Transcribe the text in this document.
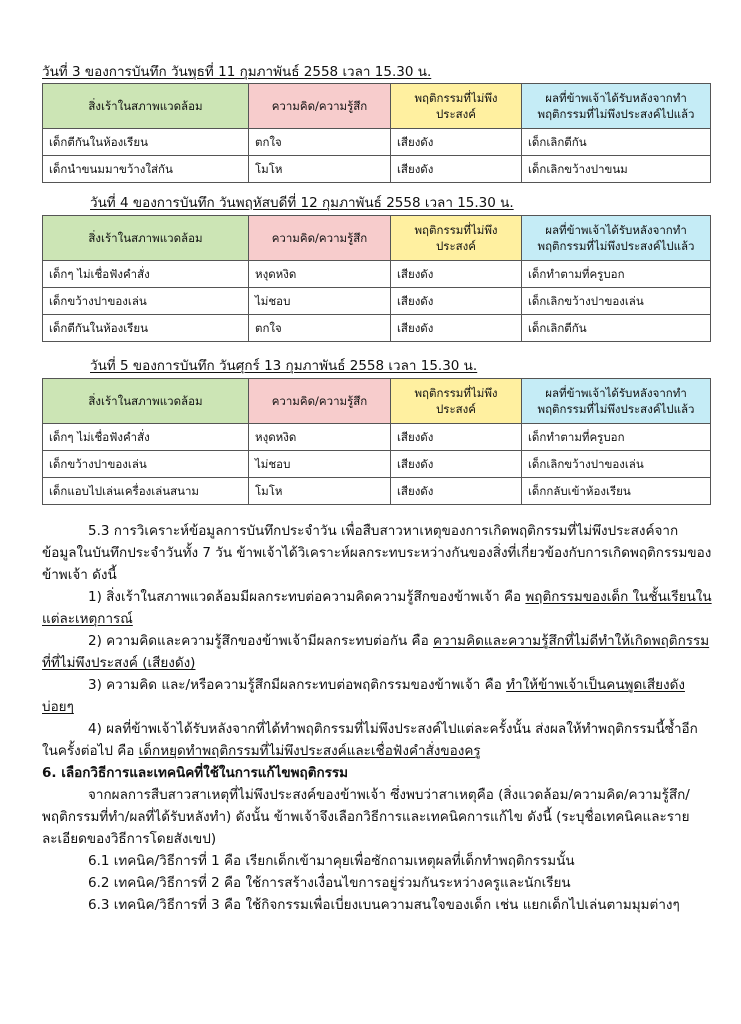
วันที่ 3 ของการบันทึก วันพุธที่ 11 กุมภาพันธ์ 2558 เวลา 15.30 น.
สิ่งเร้าในสภาพแวดล้อม	ความคิด/ความรู้สึก	พฤติกรรมที่ไม่พึงประสงค์	ผลที่ข้าพเจ้าได้รับหลังจากทำพฤติกรรมที่ไม่พึงประสงค์ไปแล้ว
เด็กตีกันในห้องเรียน	ตกใจ	เสียงดัง	เด็กเลิกตีกัน
เด็กนำขนมมาขว้างใส่กัน	โมโห	เสียงดัง	เด็กเลิกขว้างปาขนม
วันที่ 4 ของการบันทึก วันพฤหัสบดีที่ 12 กุมภาพันธ์ 2558 เวลา 15.30 น.
สิ่งเร้าในสภาพแวดล้อม	ความคิด/ความรู้สึก	พฤติกรรมที่ไม่พึงประสงค์	ผลที่ข้าพเจ้าได้รับหลังจากทำพฤติกรรมที่ไม่พึงประสงค์ไปแล้ว
เด็กๆ ไม่เชื่อฟังคำสั่ง	หงุดหงิด	เสียงดัง	เด็กทำตามที่ครูบอก
เด็กขว้างปาของเล่น	ไม่ชอบ	เสียงดัง	เด็กเลิกขว้างปาของเล่น
เด็กตีกันในห้องเรียน	ตกใจ	เสียงดัง	เด็กเลิกตีกัน
วันที่ 5 ของการบันทึก วันศุกร์ 13 กุมภาพันธ์ 2558 เวลา 15.30 น.
สิ่งเร้าในสภาพแวดล้อม	ความคิด/ความรู้สึก	พฤติกรรมที่ไม่พึงประสงค์	ผลที่ข้าพเจ้าได้รับหลังจากทำพฤติกรรมที่ไม่พึงประสงค์ไปแล้ว
เด็กๆ ไม่เชื่อฟังคำสั่ง	หงุดหงิด	เสียงดัง	เด็กทำตามที่ครูบอก
เด็กขว้างปาของเล่น	ไม่ชอบ	เสียงดัง	เด็กเลิกขว้างปาของเล่น
เด็กแอบไปเล่นเครื่องเล่นสนาม	โมโห	เสียงดัง	เด็กกลับเข้าห้องเรียน

5.3 การวิเคราะห์ข้อมูลการบันทึกประจำวัน เพื่อสืบสาวหาเหตุของการเกิดพฤติกรรมที่ไม่พึงประสงค์จากข้อมูลในบันทึกประจำวันทั้ง 7 วัน ข้าพเจ้าได้วิเคราะห์ผลกระทบระหว่างกันของสิ่งที่เกี่ยวข้องกับการเกิดพฤติกรรมของข้าพเจ้า ดังนี้

1) สิ่งเร้าในสภาพแวดล้อมมีผลกระทบต่อความคิดความรู้สึกของข้าพเจ้า คือ พฤติกรรมของเด็ก ในชั้นเรียนในแต่ละเหตุการณ์

2) ความคิดและความรู้สึกของข้าพเจ้ามีผลกระทบต่อกัน คือ ความคิดและความรู้สึกที่ไม่ดีทำให้เกิดพฤติกรรมที่ที่ไม่พึงประสงค์ (เสียงดัง)

3) ความคิด และ/หรือความรู้สึกมีผลกระทบต่อพฤติกรรมของข้าพเจ้า คือ ทำให้ข้าพเจ้าเป็นคนพูดเสียงดังบ่อยๆ

4) ผลที่ข้าพเจ้าได้รับหลังจากที่ได้ทำพฤติกรรมที่ไม่พึงประสงค์ไปแต่ละครั้งนั้น ส่งผลให้ทำพฤติกรรมนี้ซ้ำอีกในครั้งต่อไป คือ เด็กหยุดทำพฤติกรรมที่ไม่พึงประสงค์และเชื่อฟังคำสั่งของครู

6. เลือกวิธีการและเทคนิคที่ใช้ในการแก้ไขพฤติกรรม

จากผลการสืบสาวสาเหตุที่ไม่พึงประสงค์ของข้าพเจ้า ซึ่งพบว่าสาเหตุคือ (สิ่งแวดล้อม/ความคิด/ความรู้สึก/พฤติกรรมที่ทำ/ผลที่ได้รับหลังทำ) ดังนั้น ข้าพเจ้าจึงเลือกวิธีการและเทคนิคการแก้ไข ดังนี้ (ระบุชื่อเทคนิคและรายละเอียดของวิธีการโดยสังเขป)

6.1 เทคนิค/วิธีการที่ 1 คือ เรียกเด็กเข้ามาคุยเพื่อซักถามเหตุผลที่เด็กทำพฤติกรรมนั้น

6.2 เทคนิค/วิธีการที่ 2 คือ ใช้การสร้างเงื่อนไขการอยู่ร่วมกันระหว่างครูและนักเรียน

6.3 เทคนิค/วิธีการที่ 3 คือ ใช้กิจกรรมเพื่อเบี่ยงเบนความสนใจของเด็ก เช่น แยกเด็กไปเล่นตามมุมต่างๆ
